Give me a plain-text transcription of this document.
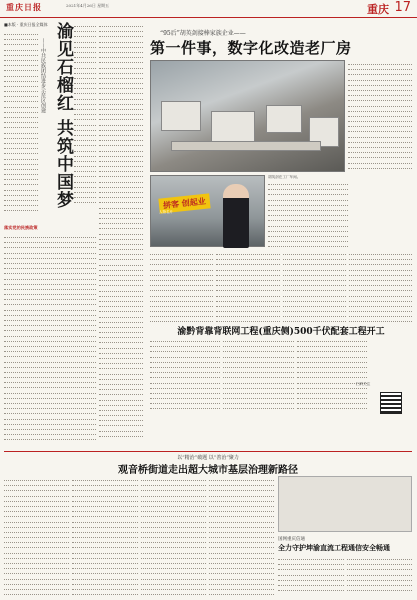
重庆日报	2021年4月26日 星期五	重庆 17
■本版 · 重庆日报全媒体 渝见石榴红 共筑中国梦
——中共民族团结进步示范区创建
落实党的民族政策
“95后”胡英剑接棒家族企业——
第一件事，数字化改造老厂房
拼客 创起业
人物名片
胡英剑在工厂车间。
渝黔背靠背联网工程(重庆侧)500千伏配套工程开工
扫码关注
以“精治”破题 以“善治”聚力
观音桥街道走出超大城市基层治理新路径
国网重庆信通
全力守护坤渝直流工程通信安全畅通
